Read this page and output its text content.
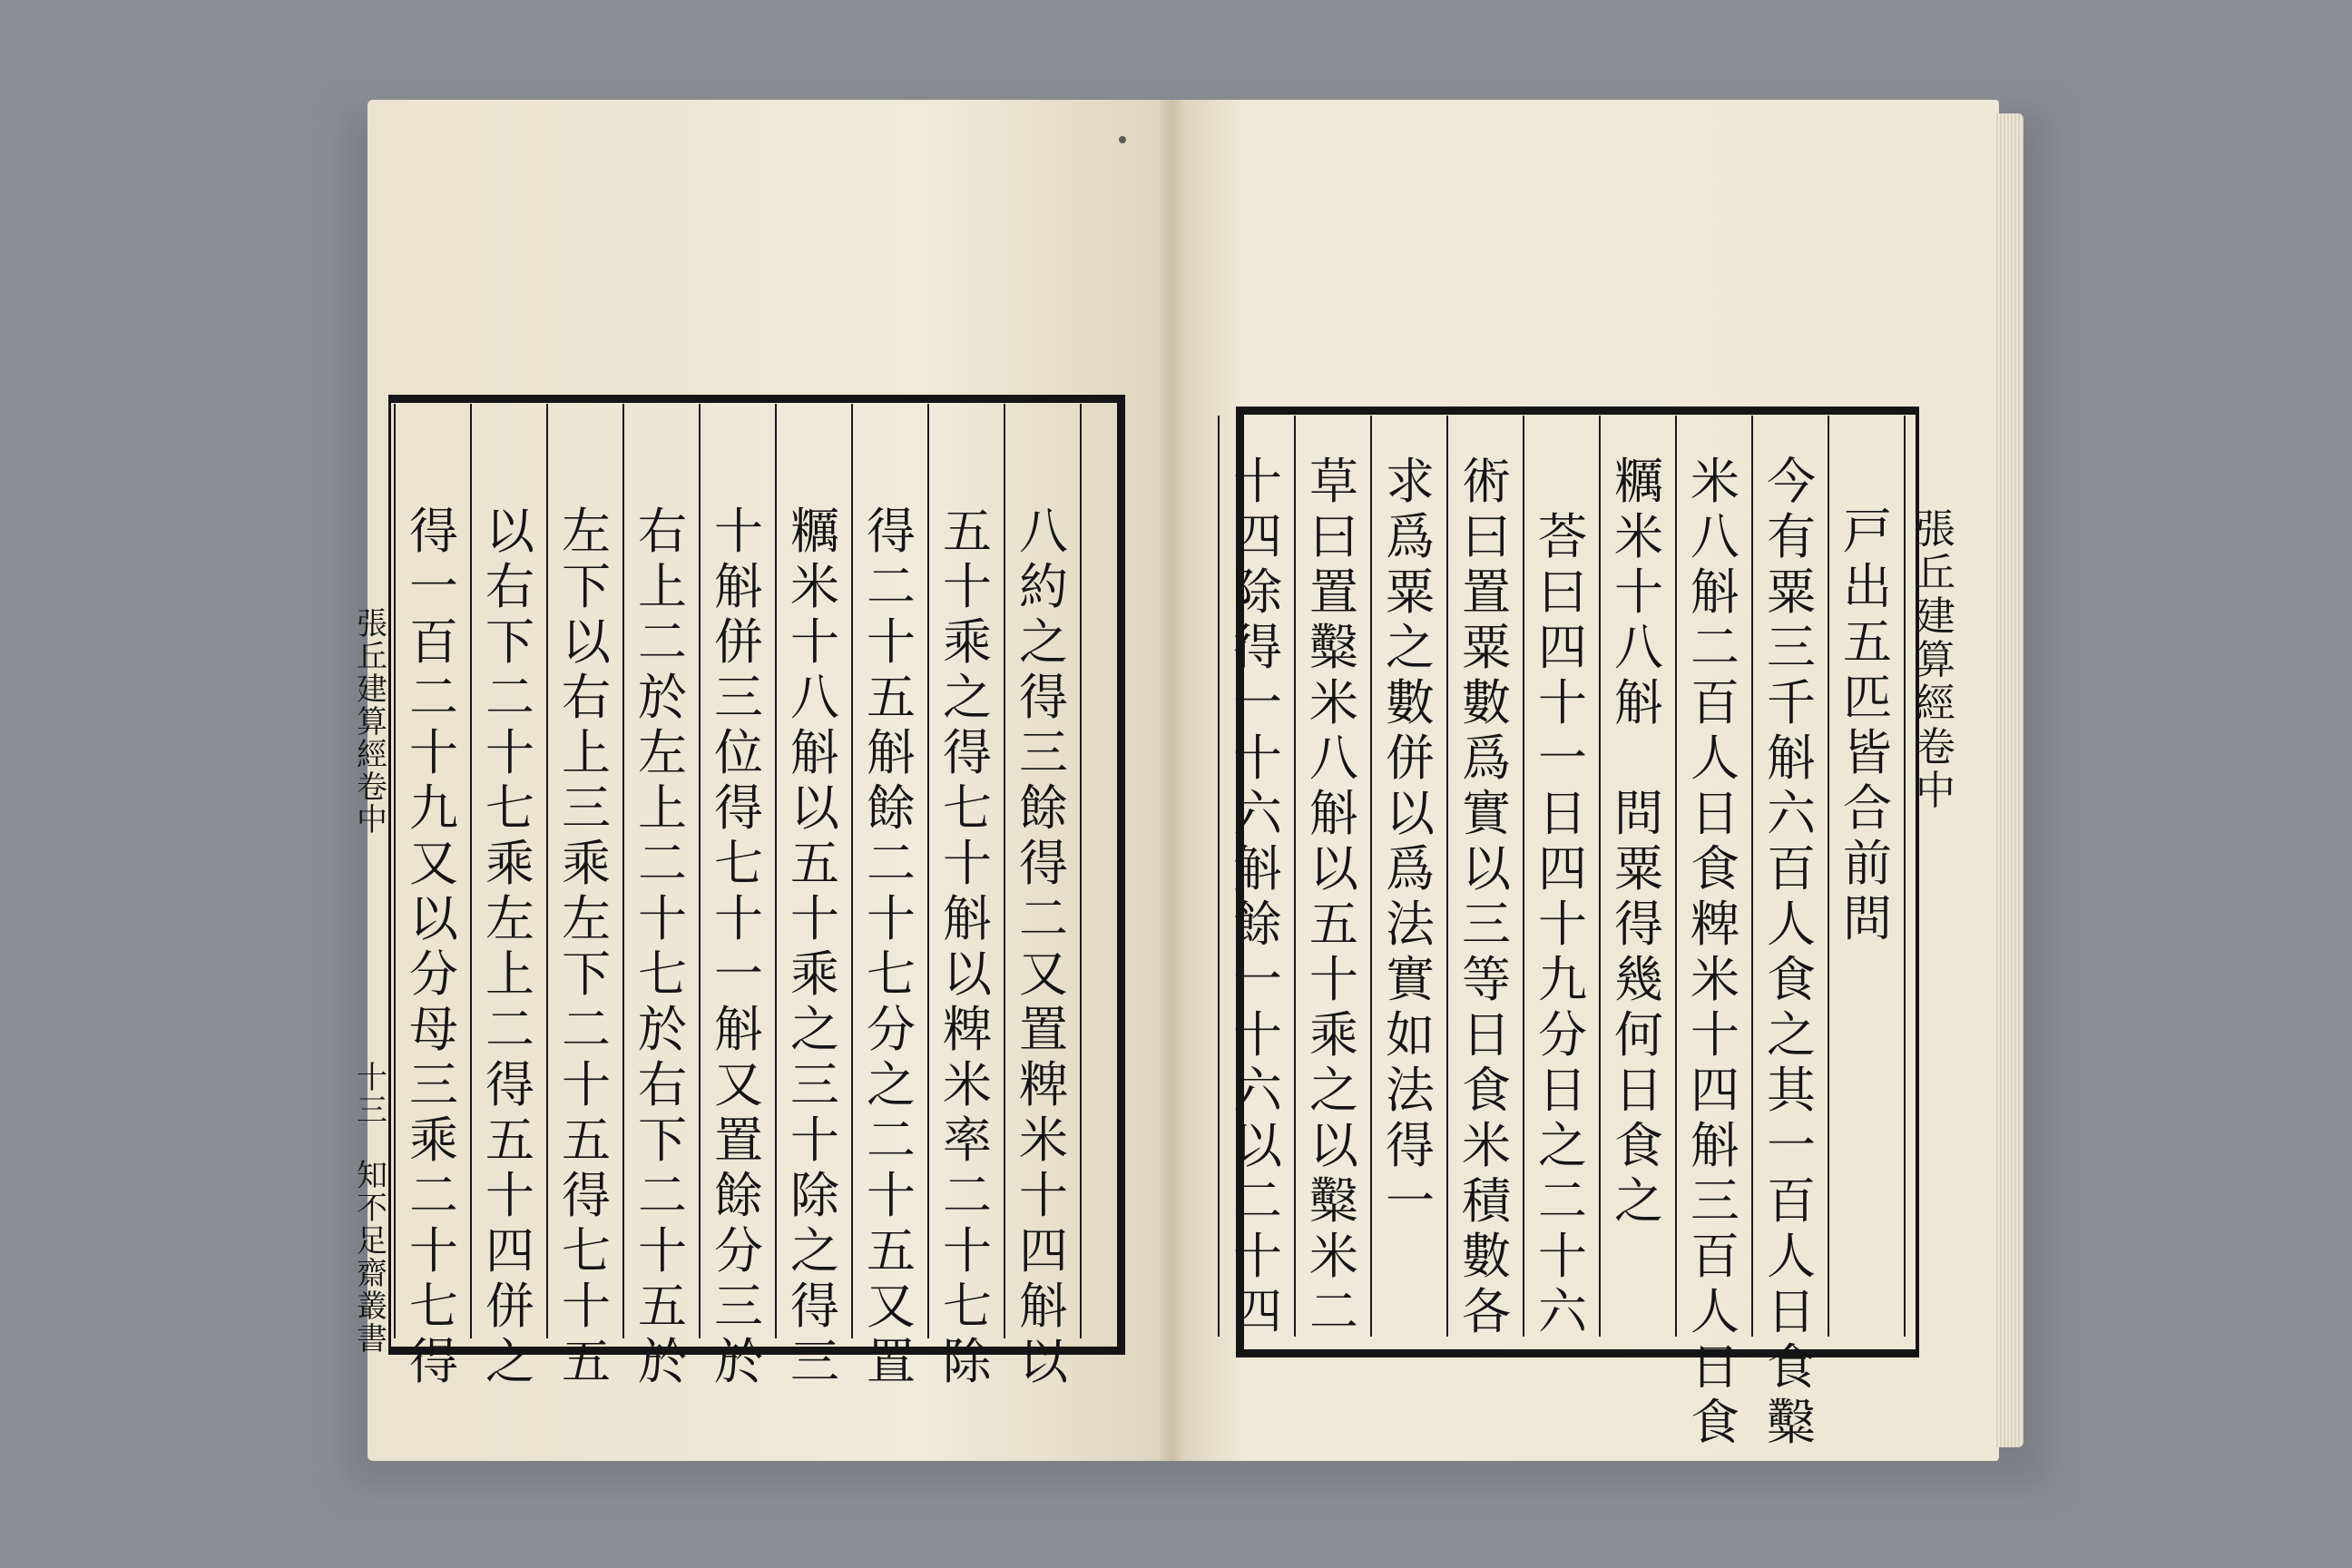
八
約
之
得
三
餘
得
二
又
置
粺
米
十
四
斛
以
五
十
乘
之
得
七
十
斛
以
粺
米
率
二
十
七
除
得
二
十
五
斛
餘
二
十
七
分
之
二
十
五
又
置
糲
米
十
八
斛
以
五
十
乘
之
三
十
除
之
得
三
十
斛
併
三
位
得
七
十
一
斛
又
置
餘
分
三
於
右
上
二
於
左
上
二
十
七
於
右
下
二
十
五
於
左
下
以
右
上
三
乘
左
下
二
十
五
得
七
十
五
以
右
下
二
十
七
乘
左
上
二
得
五
十
四
併
之
得
一
百
二
十
九
又
以
分
母
三
乘
二
十
七
得
戸
出
五
匹
皆
合
前
問
今
有
粟
三
千
斛
六
百
人
食
之
其
一
百
人
日
食
糳
米
八
斛
二
百
人
日
食
粺
米
十
四
斛
三
百
人
日
食
糲
米
十
八
斛

問
粟
得
幾
何
日
食
之

荅
曰
四
十
一
日
四
十
九
分
日
之
二
十
六
術
曰
置
粟
數
爲
實
以
三
等
日
食
米
積
數
各
求
爲
粟
之
數
併
以
爲
法
實
如
法
得
一
草
曰
置
糳
米
八
斛
以
五
十
乘
之
以
糳
米
二
十
四
除
得
一
十
六
斛
餘
一
十
六
以
二
十
四
張
丘
建
算
經
卷
中
十
三
知
不
足
齋
叢
書
張
丘
建
算
經
卷
中
